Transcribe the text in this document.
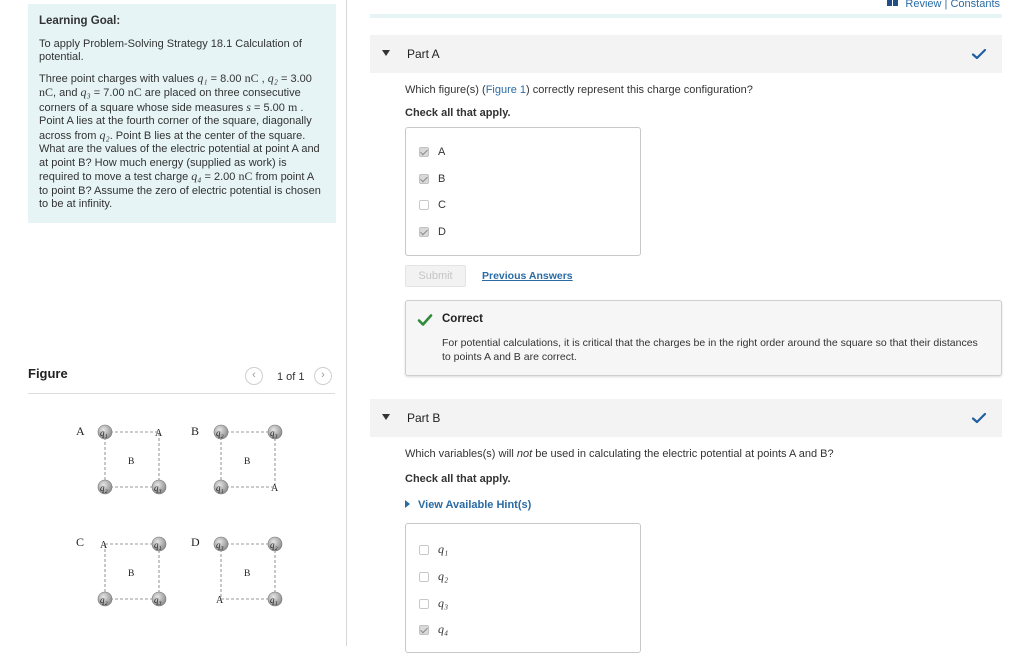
Learning Goal:
To apply Problem-Solving Strategy 18.1 Calculation of potential.
Three point charges with values q₁ = 8.00 nC , q₂ = 3.00 nC, and q₃ = 7.00 nC are placed on three consecutive corners of a square whose side measures s = 5.00 m . Point A lies at the fourth corner of the square, diagonally across from q₂. Point B lies at the center of the square. What are the values of the electric potential at point A and at point B? How much energy (supplied as work) is required to move a test charge q₄ = 2.00 nC from point A to point B? Assume the zero of electric potential is chosen to be at infinity.
Figure	‹	1 of 1	›
A q₁	A
B
q₂	q₃
B q₂	q₃
B
q₁	A
C A	q₁
B
q₂	q₃
D q₃	q₂
B
A	q₁
Review | Constants
Part A
Which figure(s) (Figure 1) correctly represent this charge configuration?
Check all that apply.
A
B
C
D
Submit	Previous Answers
Correct
For potential calculations, it is critical that the charges be in the right order around the square so that their distances to points A and B are correct.
Part B
Which variables(s) will not be used in calculating the electric potential at points A and B?
Check all that apply.
View Available Hint(s)
q₁
q₂
q₃
q₄
